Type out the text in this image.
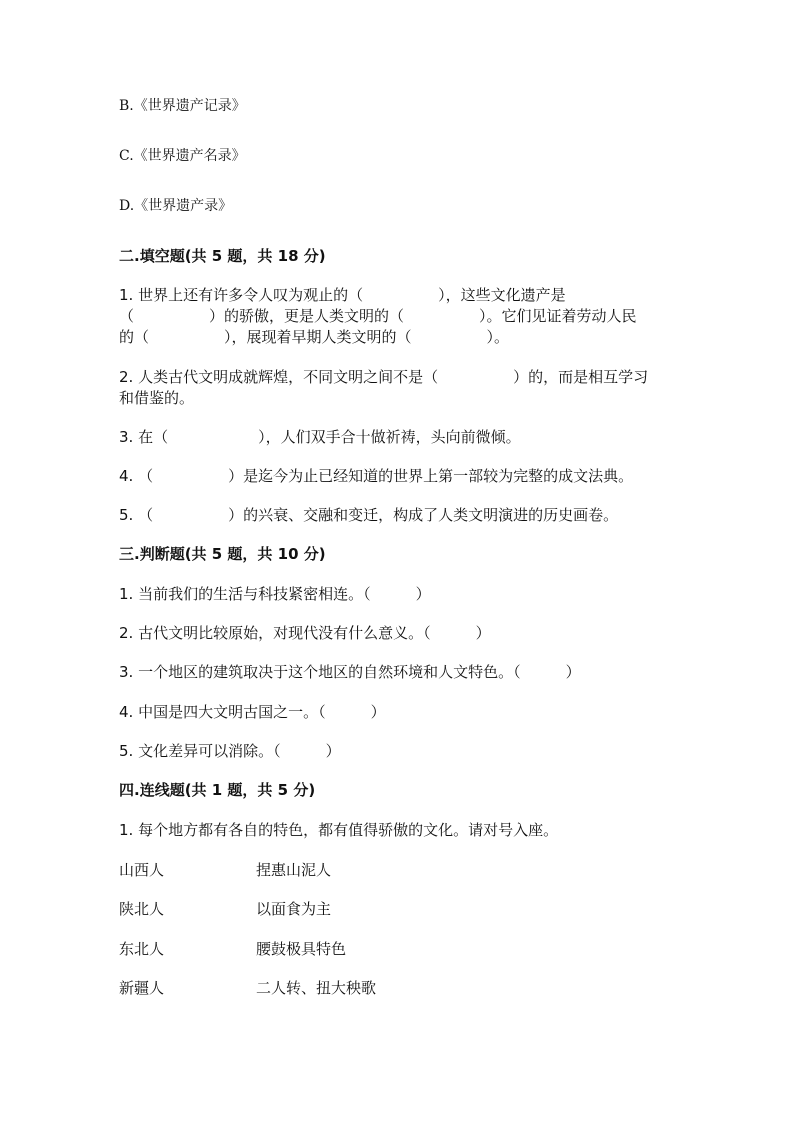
B.《世界遗产记录》
C.《世界遗产名录》
D.《世界遗产录》
二.填空题(共 5 题，共 18 分)
1. 世界上还有许多令人叹为观止的（　　　　　），这些文化遗产是
（　　　　　）的骄傲，更是人类文明的（　　　　　）。它们见证着劳动人民
的（　　　　　），展现着早期人类文明的（　　　　　）。
2. 人类古代文明成就辉煌，不同文明之间不是（　　　　　）的，而是相互学习
和借鉴的。
3. 在（　　　　　　），人们双手合十做祈祷，头向前微倾。
4. （　　　　　）是迄今为止已经知道的世界上第一部较为完整的成文法典。
5. （　　　　　）的兴衰、交融和变迁，构成了人类文明演进的历史画卷。
三.判断题(共 5 题，共 10 分)
1. 当前我们的生活与科技紧密相连。（　　　）
2. 古代文明比较原始，对现代没有什么意义。（　　　）
3. 一个地区的建筑取决于这个地区的自然环境和人文特色。（　　　）
4. 中国是四大文明古国之一。（　　　）
5. 文化差异可以消除。（　　　）
四.连线题(共 1 题，共 5 分)
1. 每个地方都有各自的特色，都有值得骄傲的文化。请对号入座。
山西人	捏惠山泥人
陕北人	以面食为主
东北人	腰鼓极具特色
新疆人	二人转、扭大秧歌
